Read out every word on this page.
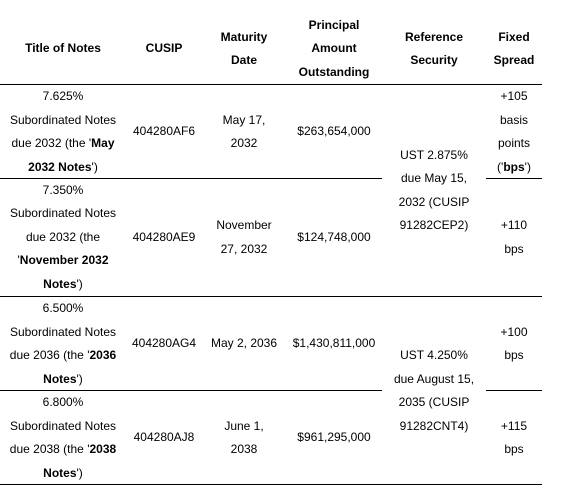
Title of Notes	CUSIP
Maturity
Date
Principal
Amount
Outstanding
Reference
Security
Fixed
Spread
7.625%
Subordinated Notes
due 2032 (the 'May
2032 Notes')
404280AF6
May 17,
2032
$263,654,000
+105
basis
points
('bps')
7.350%
Subordinated Notes
due 2032 (the
'November 2032
Notes')
404280AE9
November
27, 2032
$124,748,000
+110
bps
UST 2.875%
due May 15,
2032 (CUSIP
91282CEP2)
6.500%
Subordinated Notes
due 2036 (the '2036
Notes')
404280AG4 May 2, 2036 $1,430,811,000
+100
bps
6.800%
Subordinated Notes
due 2038 (the '2038
Notes')
404280AJ8
June 1,
2038
$961,295,000
+115
bps
UST 4.250%
due August 15,
2035 (CUSIP
91282CNT4)
